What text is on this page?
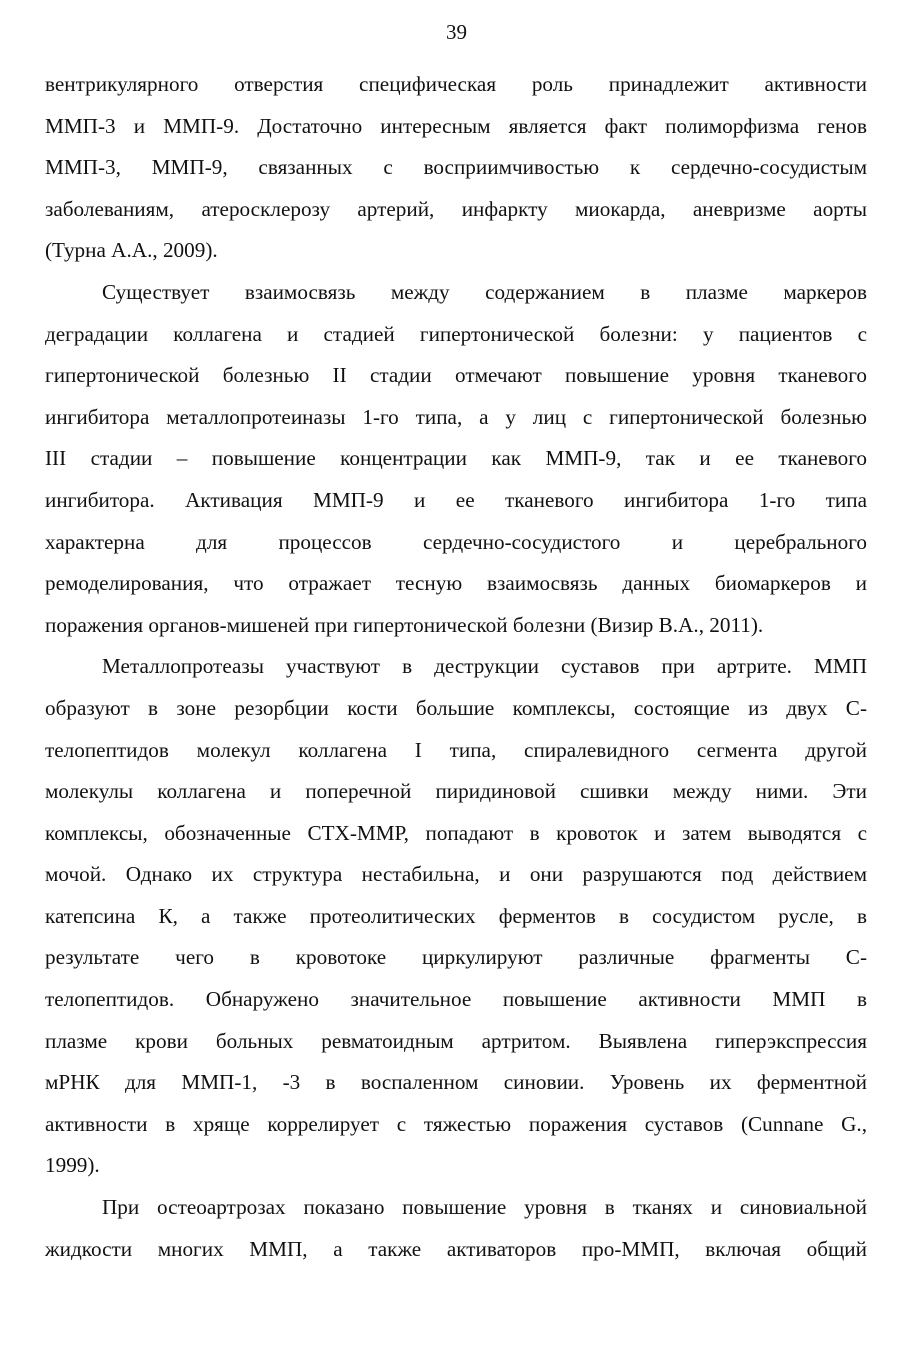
39
вентрикулярного отверстия специфическая роль принадлежит активности
ММП-3 и ММП-9. Достаточно интересным является факт полиморфизма генов
ММП-3, ММП-9, связанных с восприимчивостью к сердечно-сосудистым
заболеваниям, атеросклерозу артерий, инфаркту миокарда, аневризме аорты
(Турна А.А., 2009).
Существует взаимосвязь между содержанием в плазме маркеров
деградации коллагена и стадией гипертонической болезни: у пациентов с
гипертонической болезнью II стадии отмечают повышение уровня тканевого
ингибитора металлопротеиназы 1-го типа, а у лиц с гипертонической болезнью
III стадии – повышение концентрации как ММП-9, так и ее тканевого
ингибитора. Активация ММП-9 и ее тканевого ингибитора 1-го типа
характерна для процессов сердечно-сосудистого и церебрального
ремоделирования, что отражает тесную взаимосвязь данных биомаркеров и
поражения органов-мишеней при гипертонической болезни (Визир В.А., 2011).
Металлопротеазы участвуют в деструкции суставов при артрите. ММП
образуют в зоне резорбции кости большие комплексы, состоящие из двух С-
телопептидов молекул коллагена I типа, спиралевидного сегмента другой
молекулы коллагена и поперечной пиридиновой сшивки между ними. Эти
комплексы, обозначенные СТХ-ММР, попадают в кровоток и затем выводятся с
мочой. Однако их структура нестабильна, и они разрушаются под действием
катепсина К, а также протеолитических ферментов в сосудистом русле, в
результате чего в кровотоке циркулируют различные фрагменты С-
телопептидов. Обнаружено значительное повышение активности ММП в
плазме крови больных ревматоидным артритом. Выявлена гиперэкспрессия
мРНК для ММП-1, -3 в воспаленном синовии. Уровень их ферментной
активности в хряще коррелирует с тяжестью поражения суставов (Cunnane G.,
1999).
При остеоартрозах показано повышение уровня в тканях и синовиальной
жидкости многих ММП, а также активаторов про-ММП, включая общий
